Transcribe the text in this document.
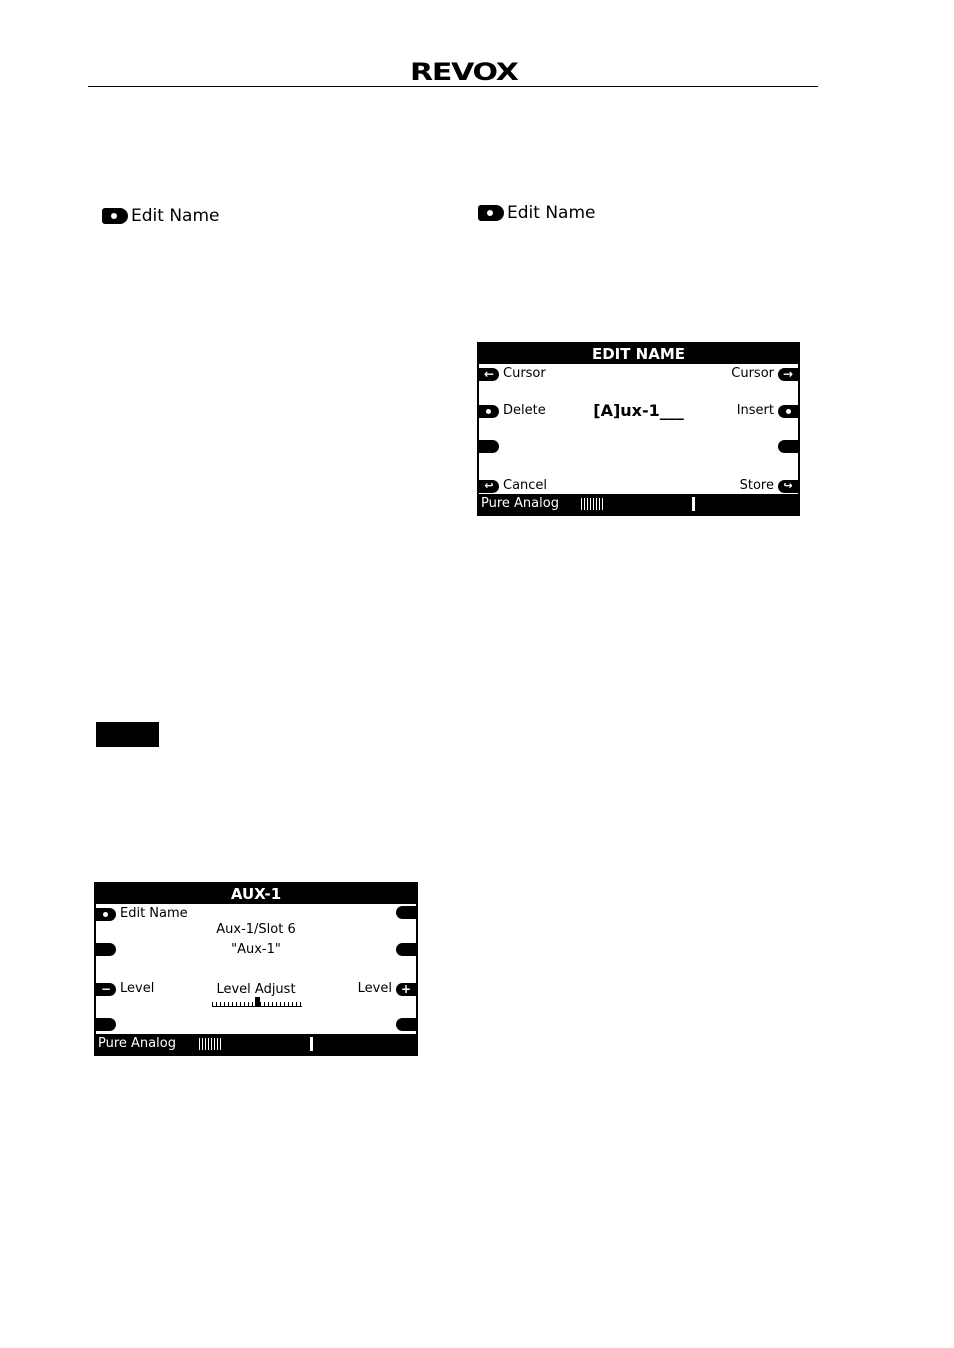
REVOX
Edit Name	Edit Name
EDIT NAME
← Cursor	Cursor →
Delete	Insert
[A]ux-1___
↩ Cancel	Store ↪
Pure Analog
AUX-1
Edit Name
Aux-1/Slot 6
"Aux-1"
− Level	Level +
Level Adjust
Pure Analog
